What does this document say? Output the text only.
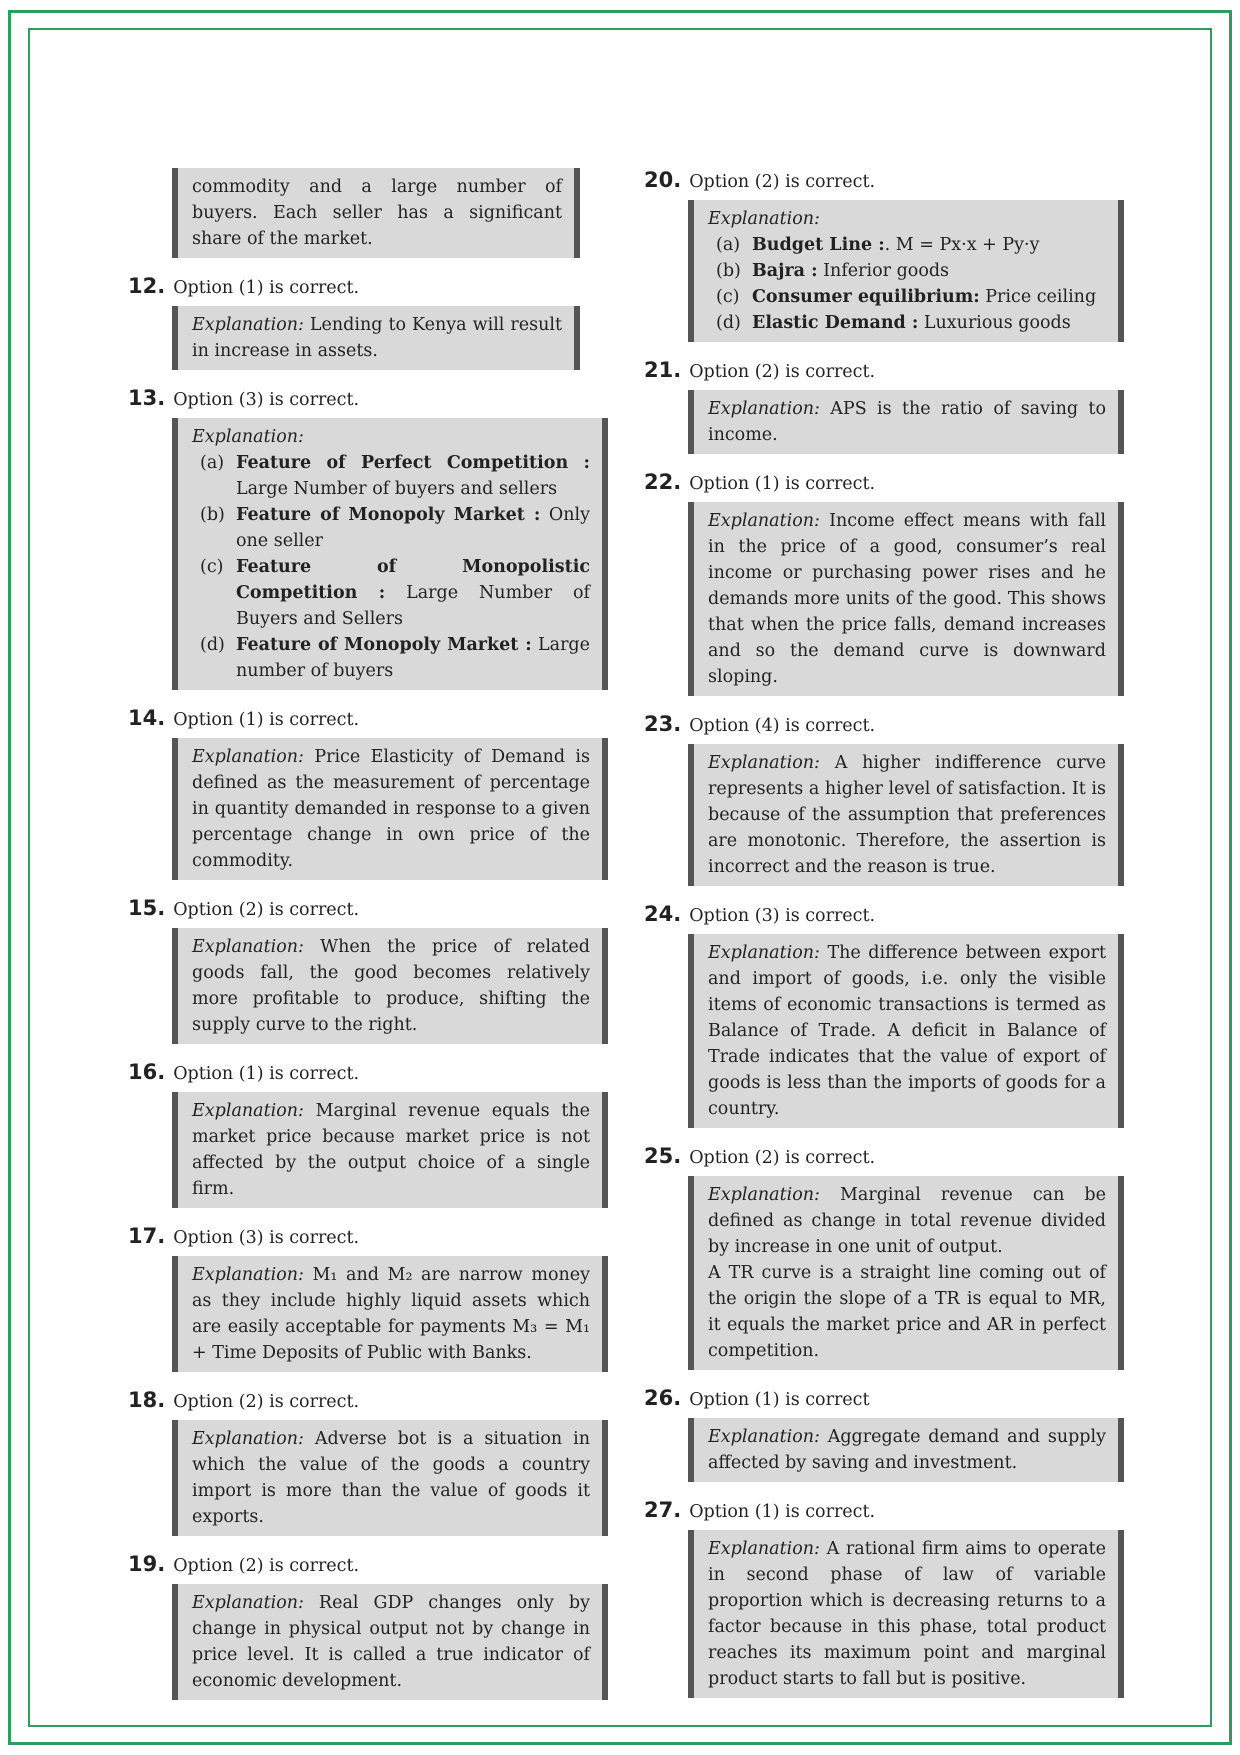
commodity and a large number of buyers. Each seller has a significant share of the market.

12. Option (1) is correct.

Explanation: Lending to Kenya will result in increase in assets.

13. Option (3) is correct.

Explanation:

(a) Feature of Perfect Competition : Large Number of buyers and sellers
(b) Feature of Monopoly Market : Only one seller
(c) Feature of Monopolistic Competition : Large Number of Buyers and Sellers
(d) Feature of Monopoly Market : Large number of buyers
14. Option (1) is correct.

Explanation: Price Elasticity of Demand is defined as the measurement of percentage in quantity demanded in response to a given percentage change in own price of the commodity.

15. Option (2) is correct.

Explanation: When the price of related goods fall, the good becomes relatively more profitable to produce, shifting the supply curve to the right.

16. Option (1) is correct.

Explanation: Marginal revenue equals the market price because market price is not affected by the output choice of a single firm.

17. Option (3) is correct.

Explanation: M₁ and M₂ are narrow money as they include highly liquid assets which are easily acceptable for payments M₃ = M₁ + Time Deposits of Public with Banks.

18. Option (2) is correct.

Explanation: Adverse bot is a situation in which the value of the goods a country import is more than the value of goods it exports.

19. Option (2) is correct.

Explanation: Real GDP changes only by change in physical output not by change in price level. It is called a true indicator of economic development.

20. Option (2) is correct.

Explanation:

(a) Budget Line :. M = Px·x + Py·y
(b) Bajra : Inferior goods
(c) Consumer equilibrium: Price ceiling
(d) Elastic Demand : Luxurious goods
21. Option (2) is correct.

Explanation: APS is the ratio of saving to income.

22. Option (1) is correct.

Explanation: Income effect means with fall in the price of a good, consumer’s real income or purchasing power rises and he demands more units of the good. This shows that when the price falls, demand increases and so the demand curve is downward sloping.

23. Option (4) is correct.

Explanation: A higher indifference curve represents a higher level of satisfaction. It is because of the assumption that preferences are monotonic. Therefore, the assertion is incorrect and the reason is true.

24. Option (3) is correct.

Explanation: The difference between export and import of goods, i.e. only the visible items of economic transactions is termed as Balance of Trade. A deficit in Balance of Trade indicates that the value of export of goods is less than the imports of goods for a country.

25. Option (2) is correct.

Explanation: Marginal revenue can be defined as change in total revenue divided by increase in one unit of output.

A TR curve is a straight line coming out of the origin the slope of a TR is equal to MR, it equals the market price and AR in perfect competition.

26. Option (1) is correct

Explanation: Aggregate demand and supply affected by saving and investment.

27. Option (1) is correct.

Explanation: A rational firm aims to operate in second phase of law of variable proportion which is decreasing returns to a factor because in this phase, total product reaches its maximum point and marginal product starts to fall but is positive.
